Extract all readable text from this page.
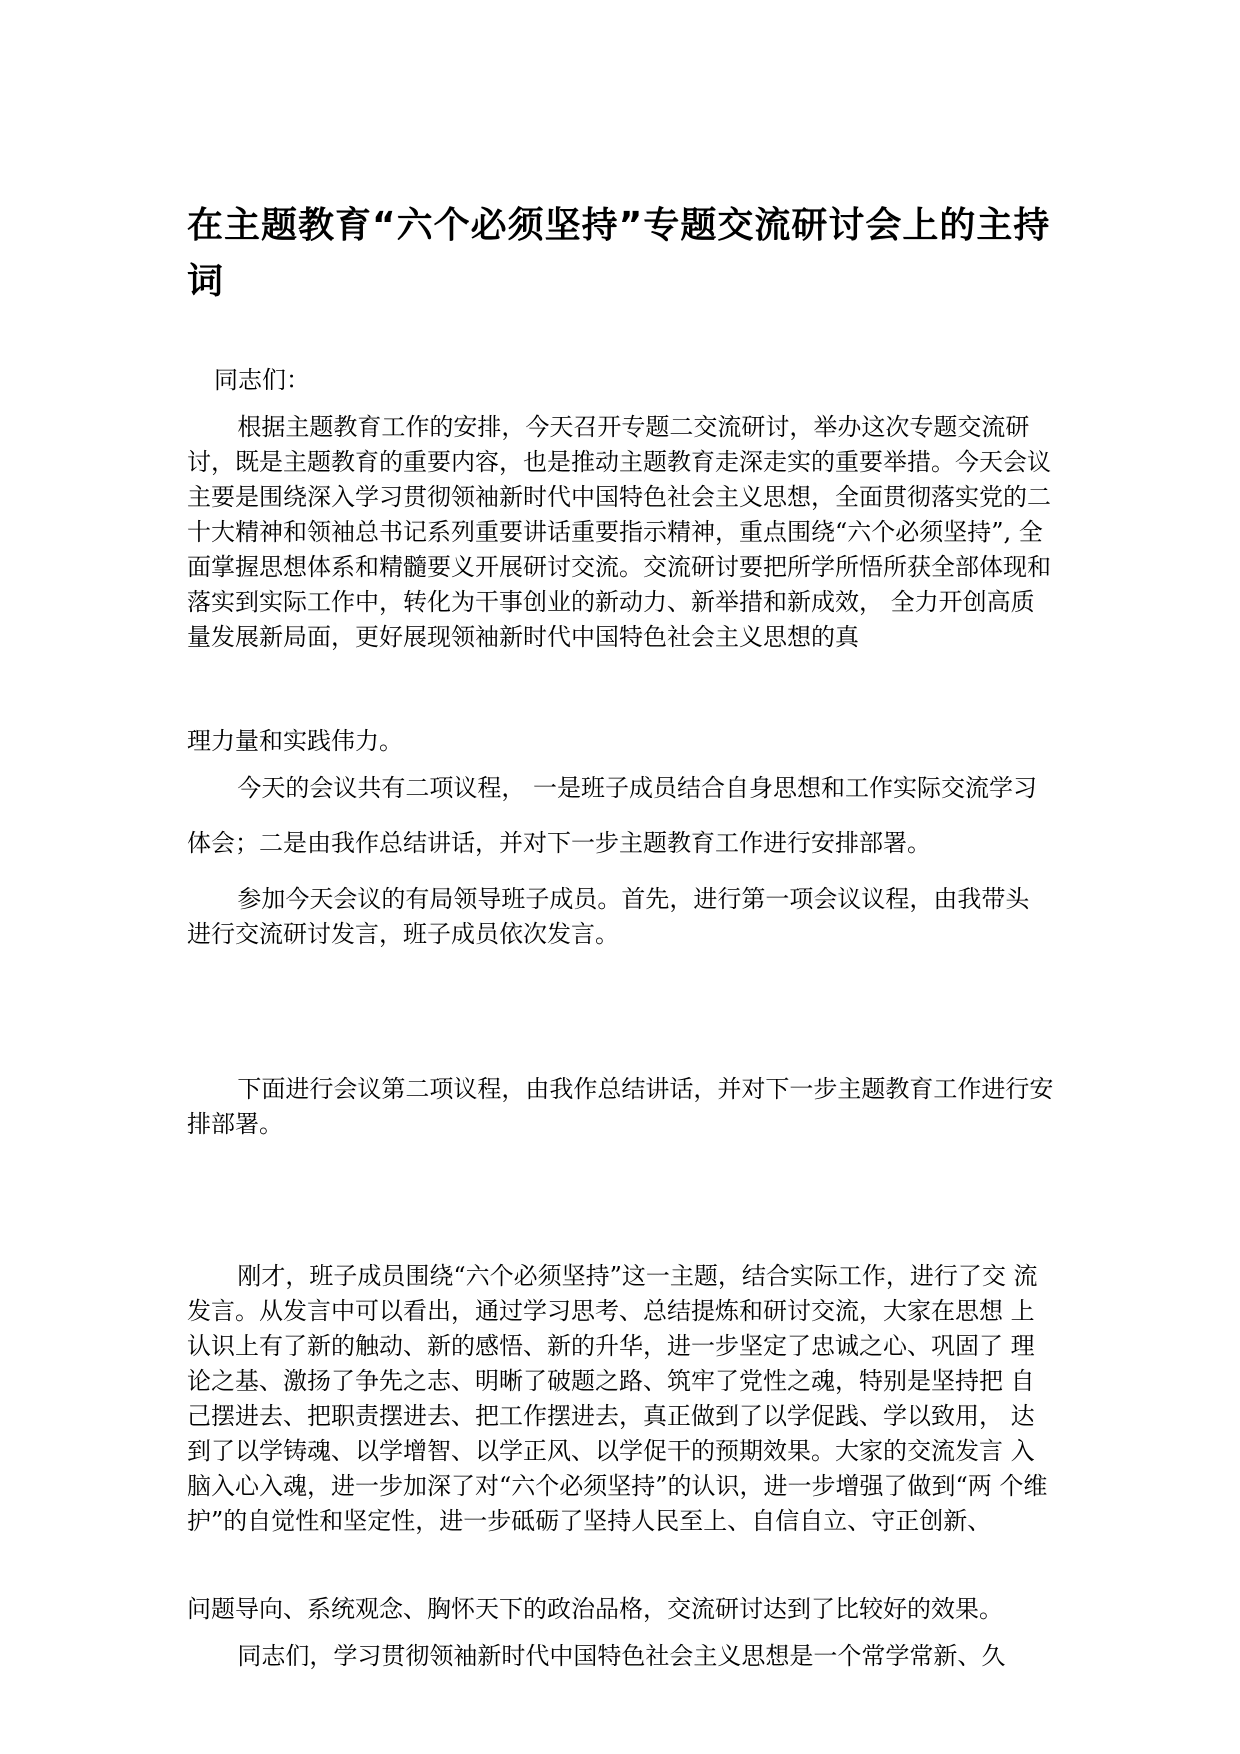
在主题教育“六个必须坚持”专题交流研讨会上的主持词

同志们：

根据主题教育工作的安排，今天召开专题二交流研讨，举办这次专题交流研讨，既是主题教育的重要内容，也是推动主题教育走深走实的重要举措。今天会议主要是围绕深入学习贯彻领袖新时代中国特色社会主义思想，全面贯彻落实党的二十大精神和领袖总书记系列重要讲话重要指示精神，重点围绕“六个必须坚持”, 全面掌握思想体系和精髓要义开展研讨交流。交流研讨要把所学所悟所获全部体现和落实到实际工作中，转化为干事创业的新动力、新举措和新成效， 全力开创高质量发展新局面，更好展现领袖新时代中国特色社会主义思想的真

理力量和实践伟力。

今天的会议共有二项议程， 一是班子成员结合自身思想和工作实际交流学习

体会；二是由我作总结讲话，并对下一步主题教育工作进行安排部署。

参加今天会议的有局领导班子成员。首先，进行第一项会议议程，由我带头 进行交流研讨发言，班子成员依次发言。

下面进行会议第二项议程，由我作总结讲话，并对下一步主题教育工作进行安排部署。

刚才，班子成员围绕“六个必须坚持”这一主题，结合实际工作，进行了交 流发言。从发言中可以看出，通过学习思考、总结提炼和研讨交流，大家在思想 上认识上有了新的触动、新的感悟、新的升华，进一步坚定了忠诚之心、巩固了 理论之基、激扬了争先之志、明晰了破题之路、筑牢了党性之魂，特别是坚持把 自己摆进去、把职责摆进去、把工作摆进去，真正做到了以学促践、学以致用， 达到了以学铸魂、以学增智、以学正风、以学促干的预期效果。大家的交流发言 入脑入心入魂，进一步加深了对“六个必须坚持”的认识，进一步增强了做到“两 个维护”的自觉性和坚定性，进一步砥砺了坚持人民至上、自信自立、守正创新、

问题导向、系统观念、胸怀天下的政治品格，交流研讨达到了比较好的效果。

同志们，学习贯彻领袖新时代中国特色社会主义思想是一个常学常新、久
